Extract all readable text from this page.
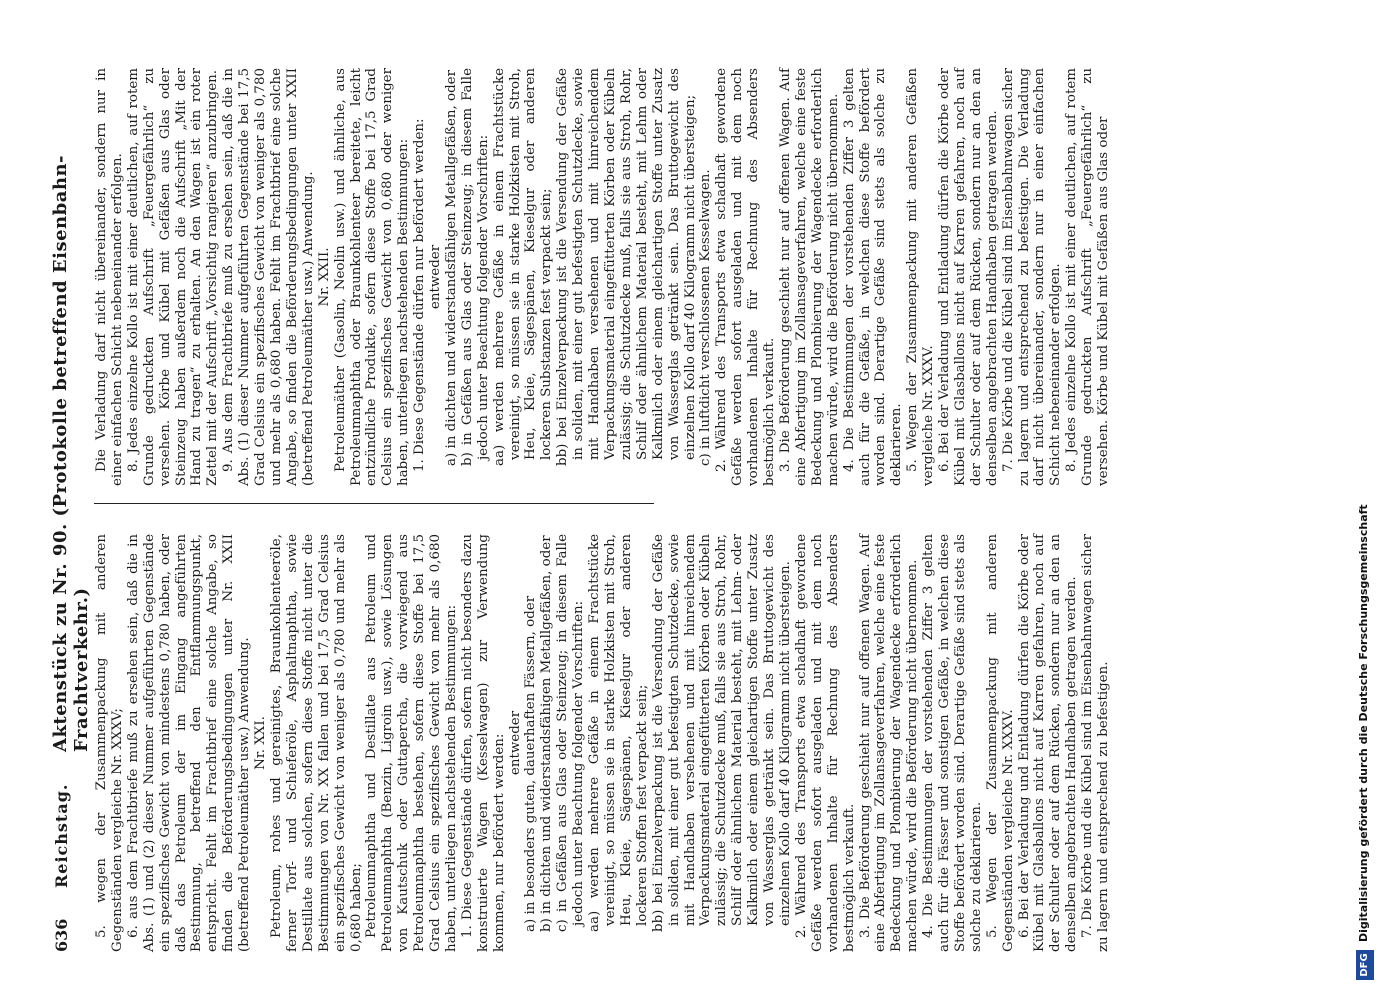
636
Reichstag.
Aktenstück zu Nr. 90. (Protokolle betreffend Eisenbahn-Frachtverkehr.) 5. wegen der Zusammenpackung mit anderen Gegenständen vergleiche Nr. XXXV; 6. aus dem Frachtbriefe muß zu ersehen sein, daß die in Abs. (1) und (2) dieser Nummer aufgeführten Gegenstände ein spezifisches Gewicht von mindestens 0,780 haben, oder daß das Petroleum der im Eingang angeführten Bestimmung, betreffend den Entflammungspunkt, entspricht. Fehlt im Frachtbrief eine solche Angabe, so finden die Beförderungsbedingungen unter Nr. XXII (betreffend Petroleumäther usw.) Anwendung. Nr. XXI. Petroleum, rohes und gereinigtes, Braunkohlenteeröle, ferner Torf- und Schieferöle, Asphaltnaphtha, sowie Destillate aus solchen, sofern diese Stoffe nicht unter die Bestimmungen von Nr. XX fallen und bei 17,5 Grad Celsius ein spezifisches Gewicht von weniger als 0,780 und mehr als 0,680 haben; Petroleumnaphtha und Destillate aus Petroleum und Petroleumnaphtha (Benzin, Ligroin usw.), sowie Lösungen von Kautschuk oder Guttapercha, die vorwiegend aus Petroleumnaphtha bestehen, sofern diese Stoffe bei 17,5 Grad Celsius ein spezifisches Gewicht von mehr als 0,680 haben, unterliegen nachstehenden Bestimmungen: 1. Diese Gegenstände dürfen, sofern nicht besonders dazu konstruierte Wagen (Kesselwagen) zur Verwendung kommen, nur befördert werden: entweder a) in besonders guten, dauerhaften Fässern, oder b) in dichten und widerstandsfähigen Metallgefäßen, oder c) in Gefäßen aus Glas oder Steinzeug; in diesem Falle jedoch unter Beachtung folgender Vorschriften: aa) werden mehrere Gefäße in einem Frachtstücke vereinigt, so müssen sie in starke Holzkisten mit Stroh, Heu, Kleie, Sägespänen, Kieselgur oder anderen lockeren Stoffen fest verpackt sein; bb) bei Einzelverpackung ist die Versendung der Gefäße in soliden, mit einer gut befestigten Schutzdecke, sowie mit Handhaben versehenen und mit hinreichendem Verpackungsmaterial eingefütterten Körben oder Kübeln zulässig; die Schutzdecke muß, falls sie aus Stroh, Rohr, Schilf oder ähnlichem Material besteht, mit Lehm- oder Kalkmilch oder einem gleichartigen Stoffe unter Zusatz von Wasserglas getränkt sein. Das Bruttogewicht des einzelnen Kollo darf 40 Kilogramm nicht übersteigen. 2. Während des Transports etwa schadhaft gewordene Gefäße werden sofort ausgeladen und mit dem noch vorhandenen Inhalte für Rechnung des Absenders bestmöglich verkauft. 3. Die Beförderung geschieht nur auf offenen Wagen. Auf eine Abfertigung im Zollansageverfahren, welche eine feste Bedeckung und Plombierung der Wagendecke erforderlich machen würde, wird die Beförderung nicht übernommen. 4. Die Bestimmungen der vorstehenden Ziffer 3 gelten auch für die Fässer und sonstigen Gefäße, in welchen diese Stoffe befördert worden sind. Derartige Gefäße sind stets als solche zu deklarieren. 5. Wegen der Zusammenpackung mit anderen Gegenständen vergleiche Nr. XXXV. 6. Bei der Verladung und Entladung dürfen die Körbe oder Kübel mit Glasballons nicht auf Karren gefahren, noch auf der Schulter oder auf dem Rücken, sondern nur an den an denselben angebrachten Handhaben getragen werden. 7. Die Körbe und die Kübel sind im Eisenbahnwagen sicher zu lagern und entsprechend zu befestigen.

Die Verladung darf nicht übereinander, sondern nur in einer einfachen Schicht nebeneinander erfolgen. 8. Jedes einzelne Kollo ist mit einer deutlichen, auf rotem Grunde gedruckten Aufschrift „Feuergefährlich“ zu versehen. Körbe und Kübel mit Gefäßen aus Glas oder Steinzeug haben außerdem noch die Aufschrift „Mit der Hand zu tragen“ zu erhalten. An den Wagen ist ein roter Zettel mit der Aufschrift „Vorsichtig rangieren“ anzubringen. 9. Aus dem Frachtbriefe muß zu ersehen sein, daß die in Abs. (1) dieser Nummer aufgeführten Gegenstände bei 17,5 Grad Celsius ein spezifisches Gewicht von weniger als 0,780 und mehr als 0,680 haben. Fehlt im Frachtbrief eine solche Angabe, so finden die Beförderungsbedingungen unter XXII (betreffend Petroleumäther usw.) Anwendung. Nr. XXII. Petroleumäther (Gasolin, Neolin usw.) und ähnliche, aus Petroleumnaphtha oder Braunkohlenteer bereitete, leicht entzündliche Produkte, sofern diese Stoffe bei 17,5 Grad Celsius ein spezifisches Gewicht von 0,680 oder weniger haben, unterliegen nachstehenden Bestimmungen: 1. Diese Gegenstände dürfen nur befördert werden: entweder a) in dichten und widerstandsfähigen Metallgefäßen, oder b) in Gefäßen aus Glas oder Steinzeug; in diesem Falle jedoch unter Beachtung folgender Vorschriften: aa) werden mehrere Gefäße in einem Frachtstücke vereinigt, so müssen sie in starke Holzkisten mit Stroh, Heu, Kleie, Sägespänen, Kieselgur oder anderen lockeren Substanzen fest verpackt sein; bb) bei Einzelverpackung ist die Versendung der Gefäße in soliden, mit einer gut befestigten Schutzdecke, sowie mit Handhaben versehenen und mit hinreichendem Verpackungsmaterial eingefütterten Körben oder Kübeln zulässig; die Schutzdecke muß, falls sie aus Stroh, Rohr, Schilf oder ähnlichem Material besteht, mit Lehm oder Kalkmilch oder einem gleichartigen Stoffe unter Zusatz von Wasserglas getränkt sein. Das Bruttogewicht des einzelnen Kollo darf 40 Kilogramm nicht übersteigen; c) in luftdicht verschlossenen Kesselwagen. 2. Während des Transports etwa schadhaft gewordene Gefäße werden sofort ausgeladen und mit dem noch vorhandenen Inhalte für Rechnung des Absenders bestmöglich verkauft. 3. Die Beförderung geschieht nur auf offenen Wagen. Auf eine Abfertigung im Zollansageverfahren, welche eine feste Bedeckung und Plombierung der Wagendecke erforderlich machen würde, wird die Beförderung nicht übernommen. 4. Die Bestimmungen der vorstehenden Ziffer 3 gelten auch für die Gefäße, in welchen diese Stoffe befördert worden sind. Derartige Gefäße sind stets als solche zu deklarieren. 5. Wegen der Zusammenpackung mit anderen Gefäßen vergleiche Nr. XXXV. 6. Bei der Verladung und Entladung dürfen die Körbe oder Kübel mit Glasballons nicht auf Karren gefahren, noch auf der Schulter oder auf dem Rücken, sondern nur an den an denselben angebrachten Handhaben getragen werden. 7. Die Körbe und die Kübel sind im Eisenbahnwagen sicher zu lagern und entsprechend zu befestigen. Die Verladung darf nicht übereinander, sondern nur in einer einfachen Schicht nebeneinander erfolgen. 8. Jedes einzelne Kollo ist mit einer deutlichen, auf rotem Grunde gedruckten Aufschrift „Feuergefährlich“ zu versehen. Körbe und Kübel mit Gefäßen aus Glas oder

DFG
Digitalisierung gefördert durch die Deutsche Forschungsgemeinschaft
